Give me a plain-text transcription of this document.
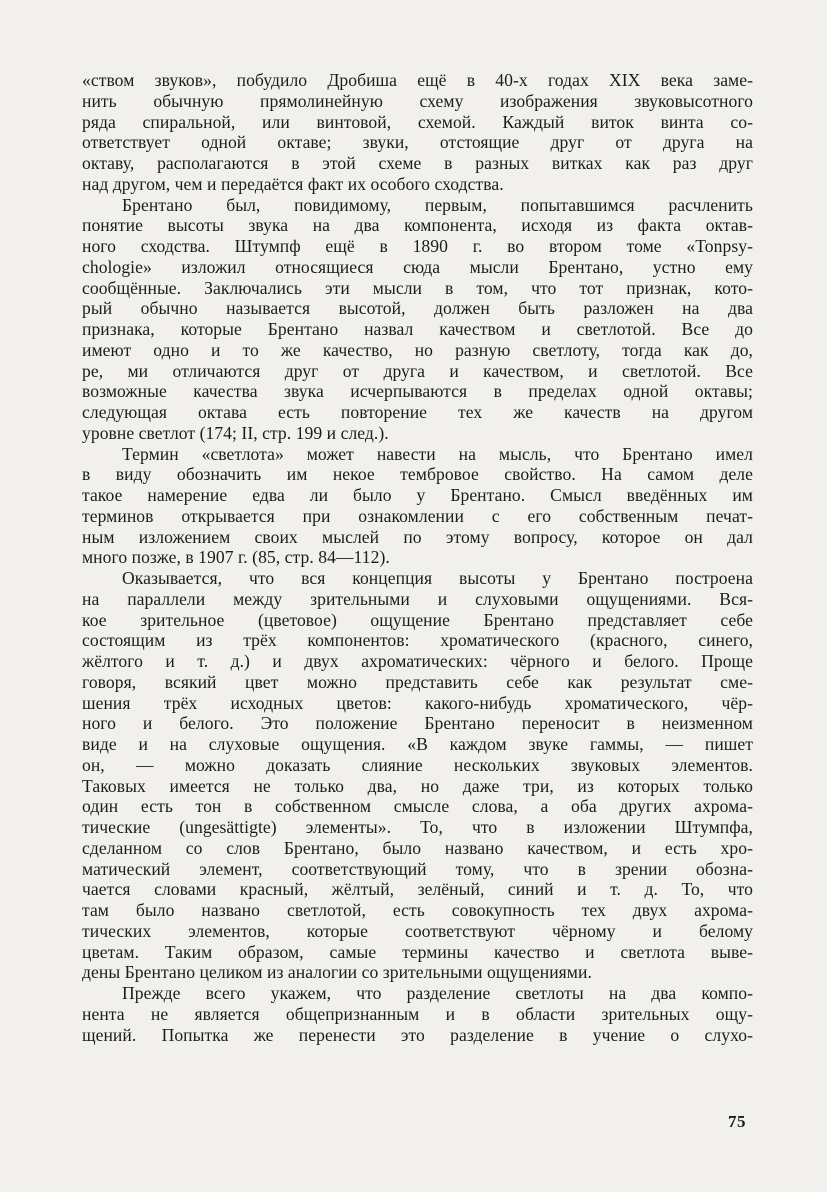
«ством звуков», побудило Дробиша ещё в 40-х годах XIX века заме-
нить обычную прямолинейную схему изображения звуковысотного
ряда спиральной, или винтовой, схемой. Каждый виток винта со-
ответствует одной октаве; звуки, отстоящие друг от друга на
октаву, располагаются в этой схеме в разных витках как раз друг
над другом, чем и передаётся факт их особого сходства.
Брентано был, повидимому, первым, попытавшимся расчленить
понятие высоты звука на два компонента, исходя из факта октав-
ного сходства. Штумпф ещё в 1890 г. во втором томе «Tonpsy-
chologie» изложил относящиеся сюда мысли Брентано, устно ему
сообщённые. Заключались эти мысли в том, что тот признак, кото-
рый обычно называется высотой, должен быть разложен на два
признака, которые Брентано назвал качеством и светлотой. Все до
имеют одно и то же качество, но разную светлоту, тогда как до,
ре, ми отличаются друг от друга и качеством, и светлотой. Все
возможные качества звука исчерпываются в пределах одной октавы;
следующая октава есть повторение тех же качеств на другом
уровне светлот (174; II, стр. 199 и след.).
Термин «светлота» может навести на мысль, что Брентано имел
в виду обозначить им некое тембровое свойство. На самом деле
такое намерение едва ли было у Брентано. Смысл введённых им
терминов открывается при ознакомлении с его собственным печат-
ным изложением своих мыслей по этому вопросу, которое он дал
много позже, в 1907 г. (85, стр. 84—112).
Оказывается, что вся концепция высоты у Брентано построена
на параллели между зрительными и слуховыми ощущениями. Вся-
кое зрительное (цветовое) ощущение Брентано представляет себе
состоящим из трёх компонентов: хроматического (красного, синего,
жёлтого и т. д.) и двух ахроматических: чёрного и белого. Проще
говоря, всякий цвет можно представить себе как результат сме-
шения трёх исходных цветов: какого-нибудь хроматического, чёр-
ного и белого. Это положение Брентано переносит в неизменном
виде и на слуховые ощущения. «В каждом звуке гаммы, — пишет
он, — можно доказать слияние нескольких звуковых элементов.
Таковых имеется не только два, но даже три, из которых только
один есть тон в собственном смысле слова, а оба других ахрома-
тические (ungesättigte) элементы». То, что в изложении Штумпфа,
сделанном со слов Брентано, было названо качеством, и есть хро-
матический элемент, соответствующий тому, что в зрении обозна-
чается словами красный, жёлтый, зелёный, синий и т. д. То, что
там было названо светлотой, есть совокупность тех двух ахрома-
тических элементов, которые соответствуют чёрному и белому
цветам. Таким образом, самые термины качество и светлота выве-
дены Брентано целиком из аналогии со зрительными ощущениями.
Прежде всего укажем, что разделение светлоты на два компо-
нента не является общепризнанным и в области зрительных ощу-
щений. Попытка же перенести это разделение в учение о слухо-
75
